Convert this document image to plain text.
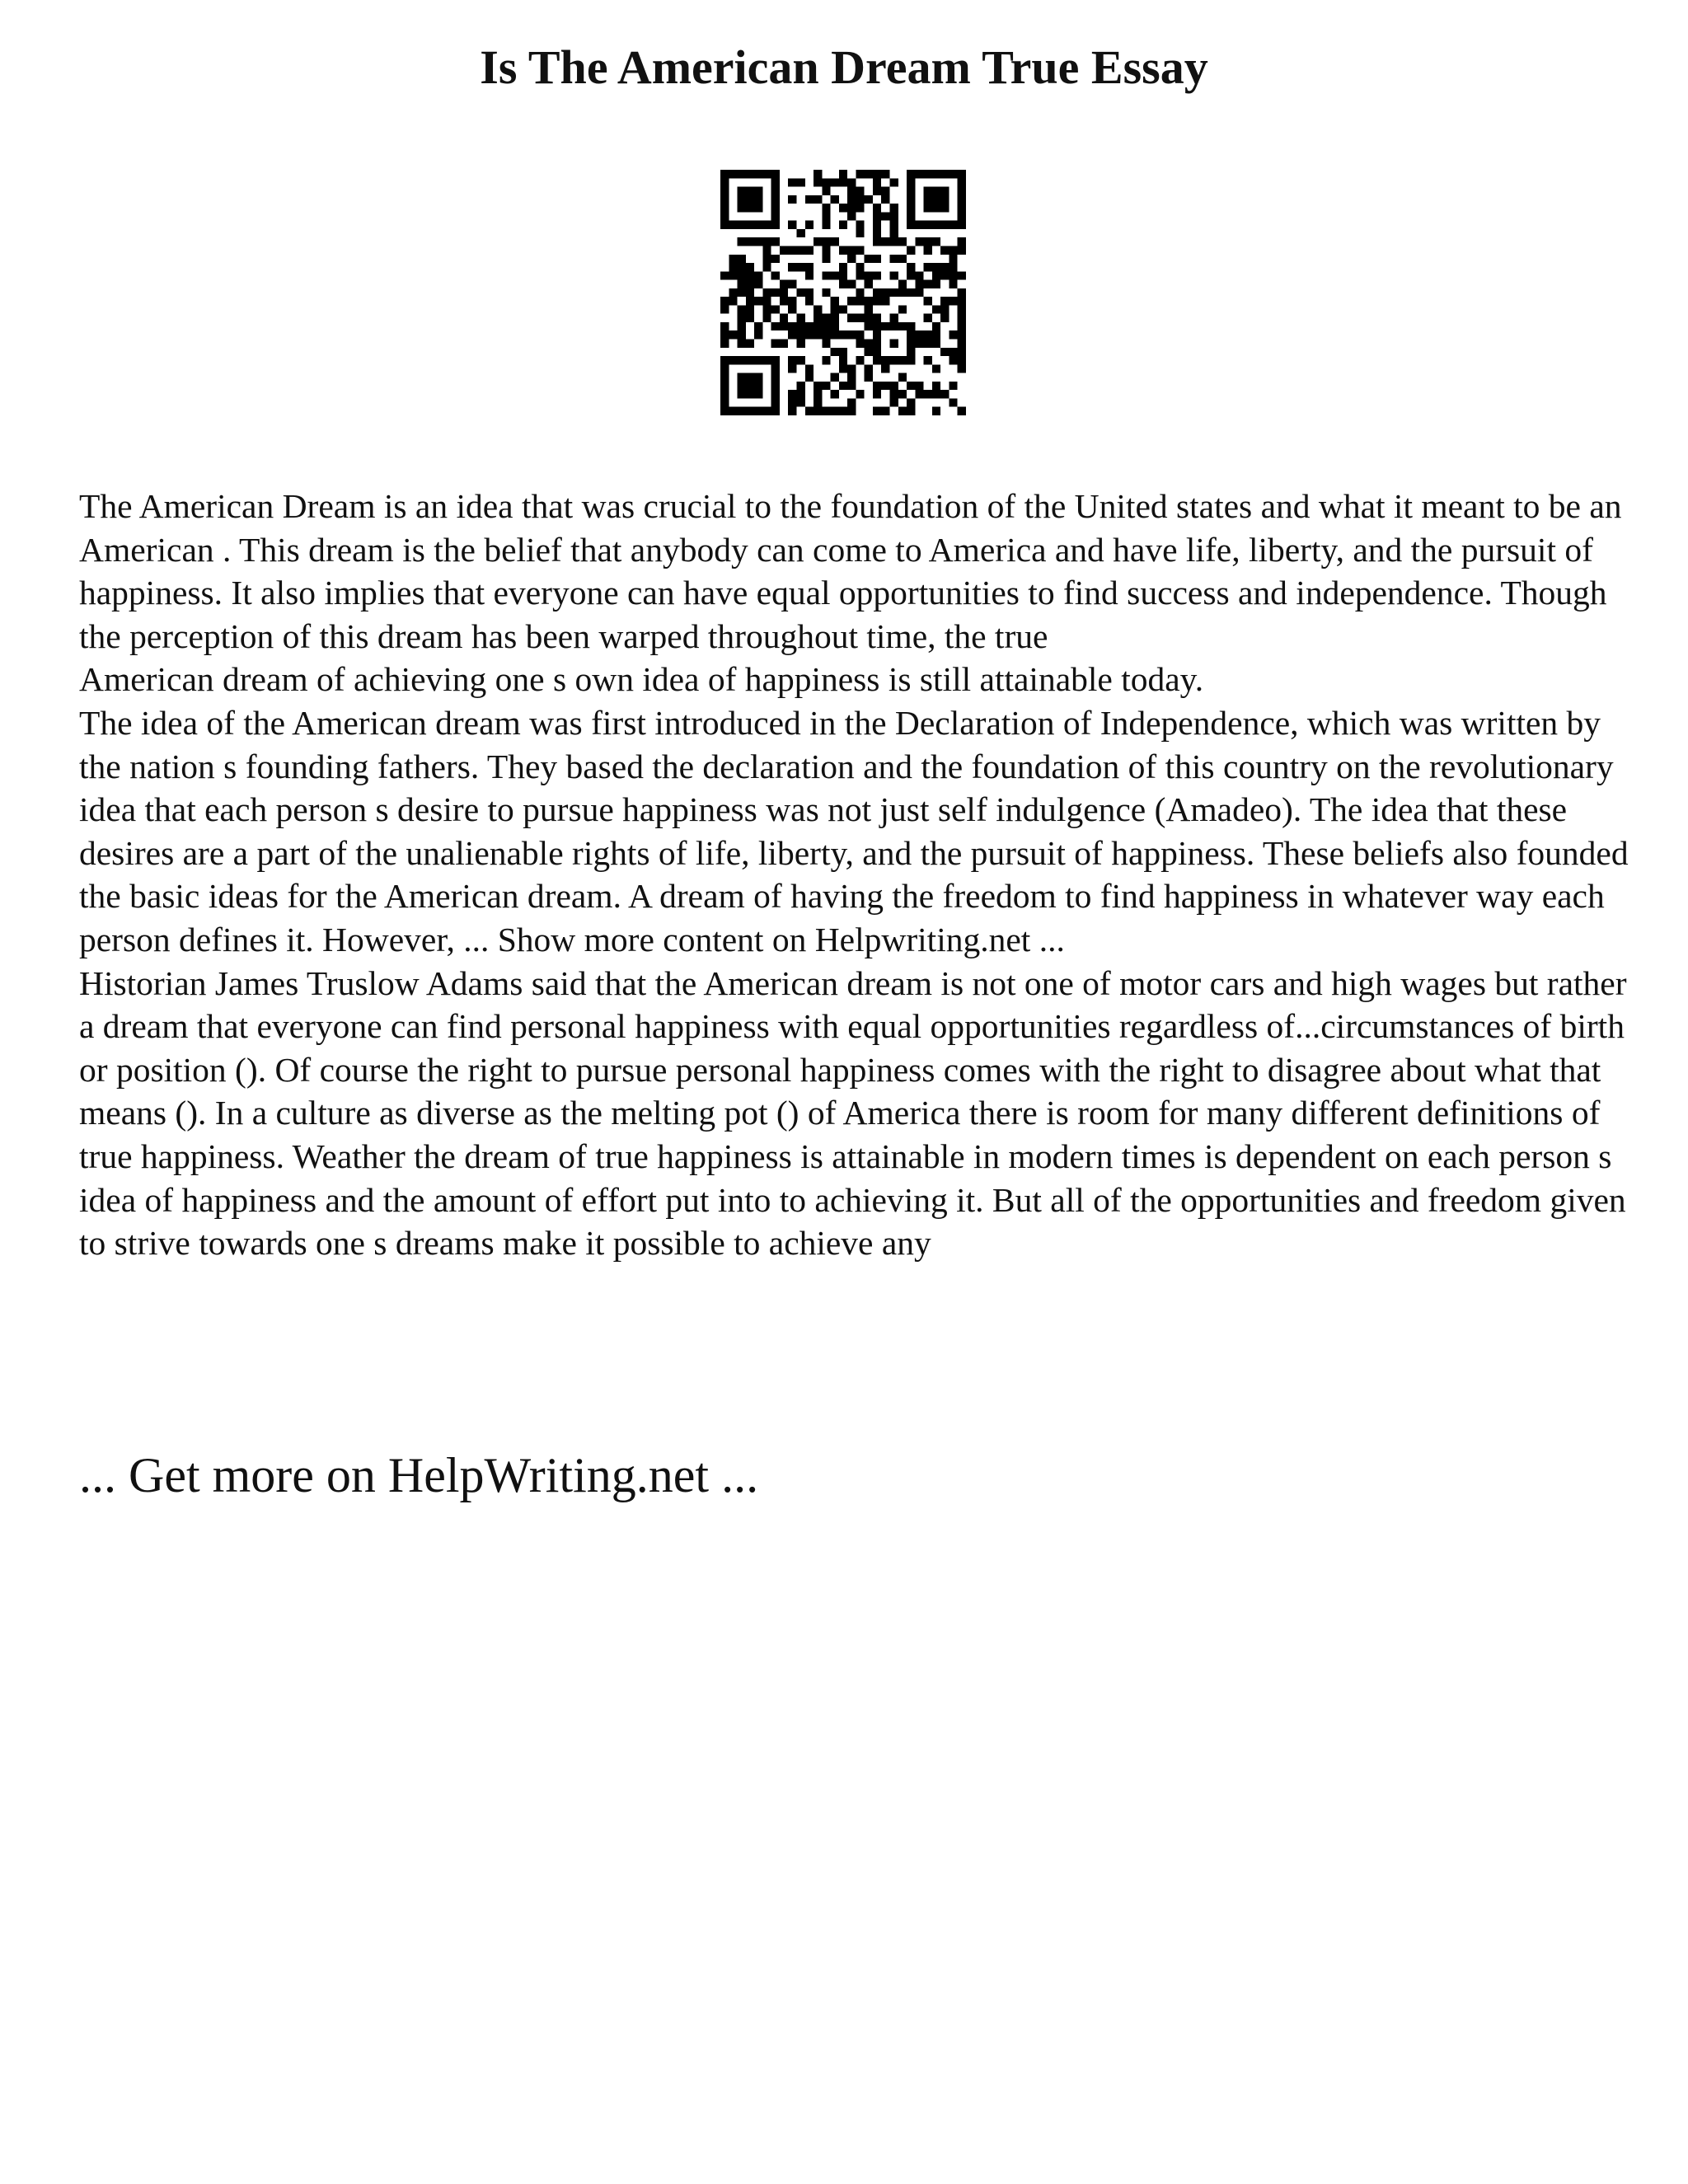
Is The American Dream True Essay

The American Dream is an idea that was crucial to the foundation of the United states and what it meant to be an American . This dream is the belief that anybody can come to America and have life, liberty, and the pursuit of happiness. It also implies that everyone can have equal opportunities to find success and independence. Though the perception of this dream has been warped throughout time, the true

American dream of achieving one s own idea of happiness is still attainable today.

The idea of the American dream was first introduced in the Declaration of Independence, which was written by the nation s founding fathers. They based the declaration and the foundation of this country on the revolutionary idea that each person s desire to pursue happiness was not just self indulgence (Amadeo). The idea that these desires are a part of the unalienable rights of life, liberty, and the pursuit of happiness. These beliefs also founded the basic ideas for the American dream. A dream of having the freedom to find happiness in whatever way each person defines it. However, ... Show more content on Helpwriting.net ...

Historian James Truslow Adams said that the American dream is not one of motor cars and high wages but rather a dream that everyone can find personal happiness with equal opportunities regardless of...circumstances of birth or position (). Of course the right to pursue personal happiness comes with the right to disagree about what that means (). In a culture as diverse as the melting pot () of America there is room for many different definitions of true happiness. Weather the dream of true happiness is attainable in modern times is dependent on each person s idea of happiness and the amount of effort put into to achieving it. But all of the opportunities and freedom given to strive towards one s dreams make it possible to achieve any

... Get more on HelpWriting.net ...
